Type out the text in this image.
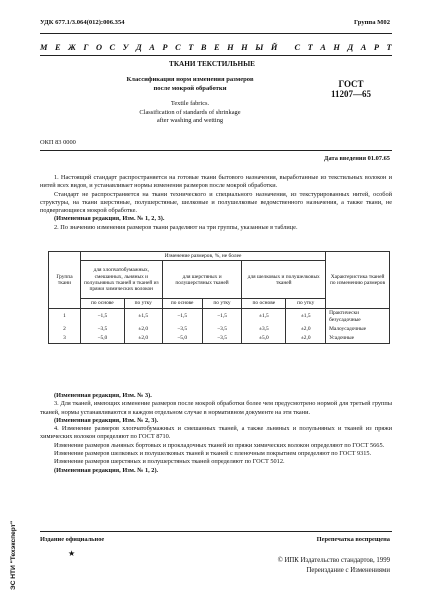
УДК 677.1/3.064(012):006.354	Группа М02
М Е Ж Г О С У Д А Р С Т В Е Н Н Ы Й
С Т А Н Д А Р Т
ТКАНИ ТЕКСТИЛЬНЫЕ
Классификация норм изменения размеров
после мокрой обработки	ГОСТ
11207—65
Textile fabrics.
Classification of standards of shrinkage
after washing and wetting
ОКП 83 0000
Дата введения 01.07.65

1. Настоящий стандарт распространяется на готовые ткани бытового назначения, выработанные из текстильных волокон и нитей всех видов, и устанавливает нормы изменения размеров после мокрой обработки.

Стандарт не распространяется на ткани технического и специального назначения, из текстурированных нитей, особой структуры, на ткани шерстяные, полушерстяные, шелковые и полушелковые ведомственного назначения, а также ткани, не подвергающиеся мокрой обработке.

(Измененная редакция, Изм. № 1, 2, 3).

2. По значению изменения размеров ткани разделяют на три группы, указанные в таблице.

Группа ткани	Изменение размеров, %, не более						Характеристика тканей по изменению размеров
	для хлопчатобумажных, смешанных, льняных и полульняных тканей и тканей из пряжи химических волокон		для шерстяных и полушерстяных тканей		для шелковых и полушелковых тканей		
	по основе	по утку	по основе	по утку	по основе	по утку	
1	−1,5	±1,5	−1,5	−1,5	±1,5	±1,5	Практически безусадочные
2	−3,5	±2,0	−3,5	−3,5	±3,5	±2,0	Малоусадочные
3	−5,0	±2,0	−5,0	−3,5	±5,0	±2,0	Усадочные

(Измененная редакция, Изм. № 3).

3. Для тканей, имеющих изменение размеров после мокрой обработки более чем предусмотрено нормой для третьей группы тканей, нормы устанавливаются в каждом отдельном случае в нормативном документе на эти ткани.

(Измененная редакция, Изм. № 2, 3).

4. Изменение размеров хлопчатобумажных и смешанных тканей, а также льняных и полульняных и тканей из пряжи химических волокон определяют по ГОСТ 8710.

Изменение размеров льняных бортовых и прокладочных тканей из пряжи химических волокон определяют по ГОСТ 5665.

Изменение размеров шелковых и полушелковых тканей и тканей с пленочным покрытием определяют по ГОСТ 9315.

Изменение размеров шерстяных и полушерстяных тканей определяют по ГОСТ 5012.

(Измененная редакция, Изм. № 1, 2).

Издание официальное
★
Перепечатка воспрещена
© ИПК Издательство стандартов, 1999
Переиздание с Изменениями
ЭС НТИ "Техэксперт"
